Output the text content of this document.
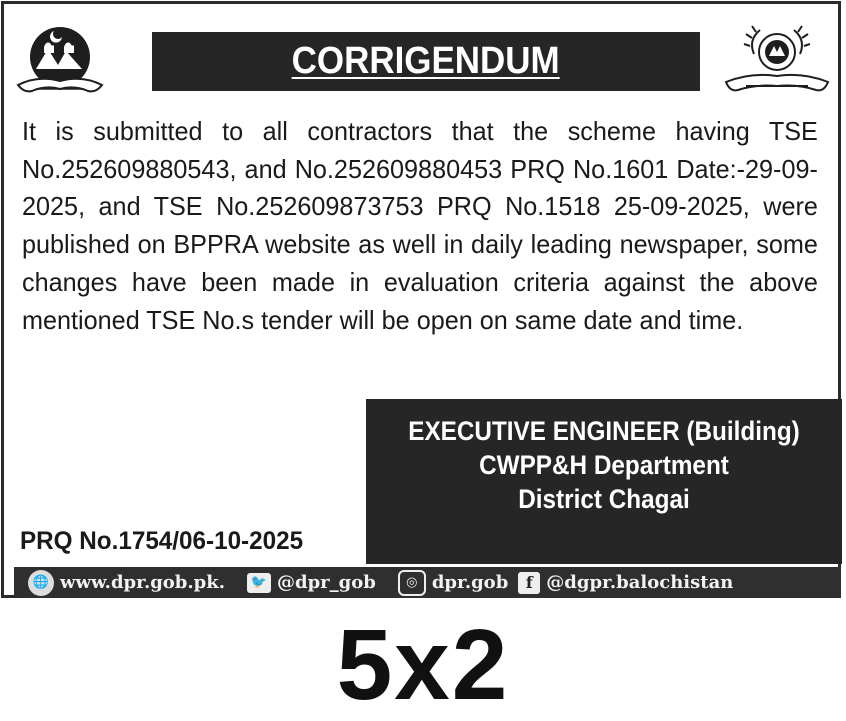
CORRIGENDUM
It is submitted to all contractors that the scheme having TSE No.252609880543, and No.252609880453 PRQ No.1601 Date:-29-09-2025, and TSE No.252609873753 PRQ No.1518 25-09-2025, were published on BPPRA website as well in daily leading newspaper, some changes have been made in evaluation criteria against the above mentioned TSE No.s tender will be open on same date and time.
EXECUTIVE ENGINEER (Building)
CWPP&H Department
District Chagai
PRQ No.1754/06-10-2025
🌐 www.dpr.gob.pk.	🐦 @dpr_gob	◎ dpr.gob	f @dgpr.balochistan
5x2
